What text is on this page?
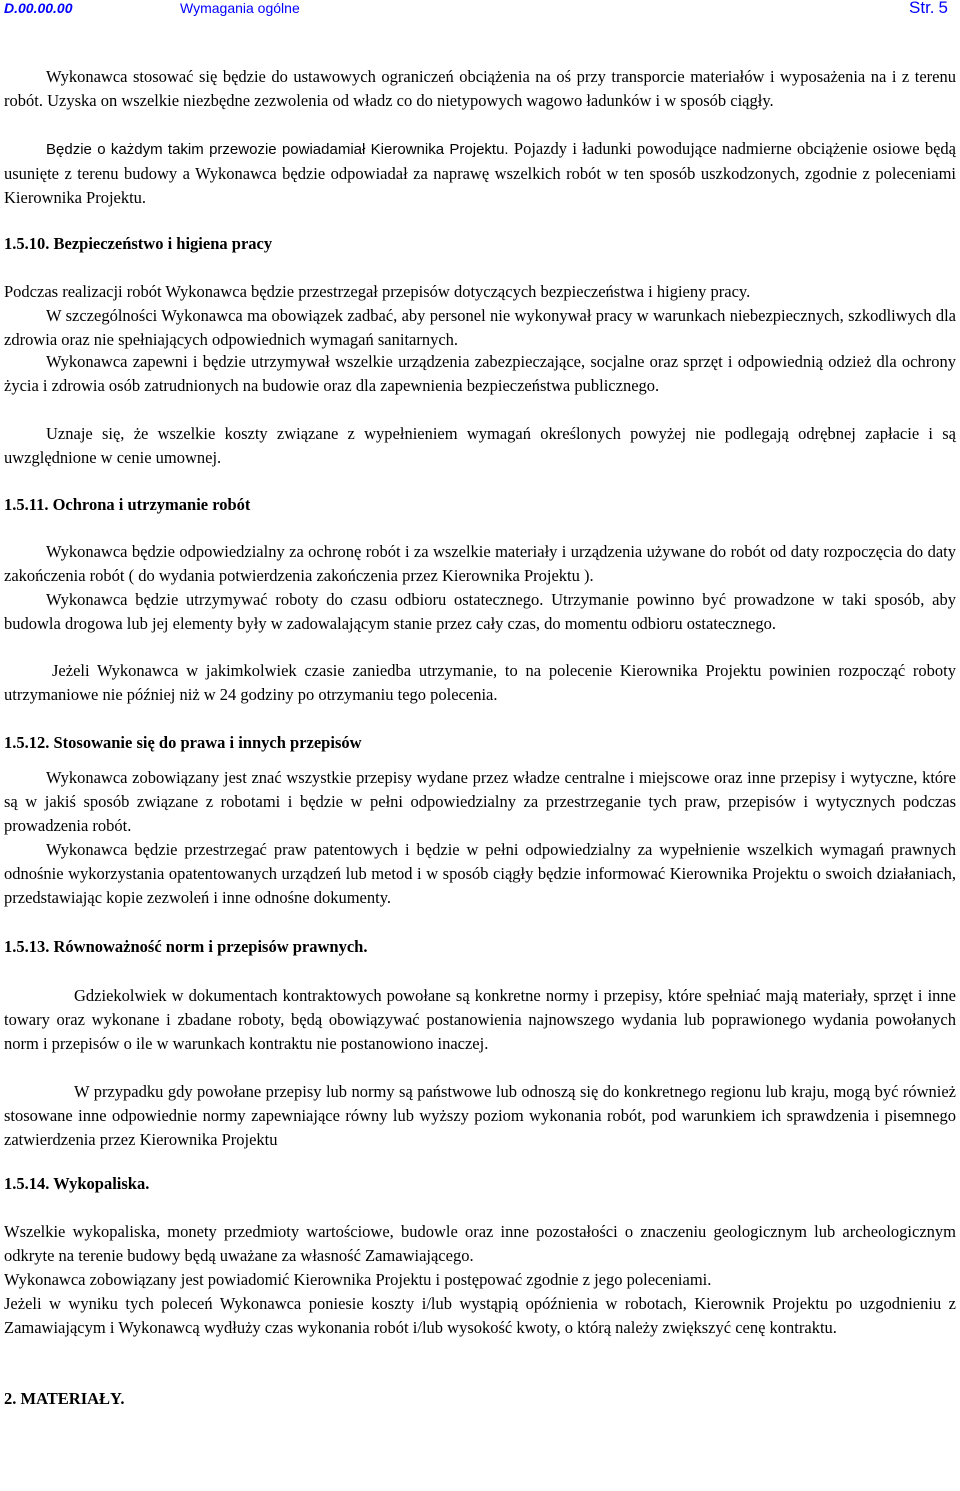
D.00.00.00	Wymagania ogólne	Str. 5

Wykonawca stosować się będzie do ustawowych ograniczeń obciążenia na oś przy transporcie materiałów i wyposażenia na i z terenu robót. Uzyska on wszelkie niezbędne zezwolenia od władz co do nietypowych wagowo ładunków i w sposób ciągły.

Będzie o każdym takim przewozie powiadamiał Kierownika Projektu. Pojazdy i ładunki powodujące nadmierne obciążenie osiowe będą usunięte z terenu budowy a Wykonawca będzie odpowiadał za naprawę wszelkich robót w ten sposób uszkodzonych, zgodnie z poleceniami Kierownika Projektu.

1.5.10. Bezpieczeństwo i higiena pracy

Podczas realizacji robót Wykonawca będzie przestrzegał przepisów dotyczących bezpieczeństwa i higieny pracy.

W szczególności Wykonawca ma obowiązek zadbać, aby personel nie wykonywał pracy w warunkach niebezpiecznych, szkodliwych dla zdrowia oraz nie spełniających odpowiednich wymagań sanitarnych.

Wykonawca zapewni i będzie utrzymywał wszelkie urządzenia zabezpieczające, socjalne oraz sprzęt i odpowiednią odzież dla ochrony życia i zdrowia osób zatrudnionych na budowie oraz dla zapewnienia bezpieczeństwa publicznego.

Uznaje się, że wszelkie koszty związane z wypełnieniem wymagań określonych powyżej nie podlegają odrębnej zapłacie i są uwzględnione w cenie umownej.

1.5.11. Ochrona i utrzymanie robót

Wykonawca będzie odpowiedzialny za ochronę robót i za wszelkie materiały i urządzenia używane do robót od daty rozpoczęcia do daty zakończenia robót ( do wydania potwierdzenia zakończenia przez Kierownika Projektu ).

Wykonawca będzie utrzymywać roboty do czasu odbioru ostatecznego. Utrzymanie powinno być prowadzone w taki sposób, aby budowla drogowa lub jej elementy były w zadowalającym stanie przez cały czas, do momentu odbioru ostatecznego.

Jeżeli Wykonawca w jakimkolwiek czasie zaniedba utrzymanie, to na polecenie Kierownika Projektu powinien rozpocząć roboty utrzymaniowe nie później niż w 24 godziny po otrzymaniu tego polecenia.

1.5.12. Stosowanie się do prawa i innych przepisów

Wykonawca zobowiązany jest znać wszystkie przepisy wydane przez władze centralne i miejscowe oraz inne przepisy i wytyczne, które są w jakiś sposób związane z robotami i będzie w pełni odpowiedzialny za przestrzeganie tych praw, przepisów i wytycznych podczas prowadzenia robót.

Wykonawca będzie przestrzegać praw patentowych i będzie w pełni odpowiedzialny za wypełnienie wszelkich wymagań prawnych odnośnie wykorzystania opatentowanych urządzeń lub metod i w sposób ciągły będzie informować Kierownika Projektu o swoich działaniach, przedstawiając kopie zezwoleń i inne odnośne dokumenty.

1.5.13. Równoważność norm i przepisów prawnych.

Gdziekolwiek w dokumentach kontraktowych powołane są konkretne normy i przepisy, które spełniać mają materiały, sprzęt i inne towary oraz wykonane i zbadane roboty, będą obowiązywać postanowienia najnowszego wydania lub poprawionego wydania powołanych norm i przepisów o ile w warunkach kontraktu nie postanowiono inaczej.

W przypadku gdy powołane przepisy lub normy są państwowe lub odnoszą się do konkretnego regionu lub kraju, mogą być również stosowane inne odpowiednie normy zapewniające równy lub wyższy poziom wykonania robót, pod warunkiem ich sprawdzenia i pisemnego zatwierdzenia przez Kierownika Projektu

1.5.14. Wykopaliska.

Wszelkie wykopaliska, monety przedmioty wartościowe, budowle oraz inne pozostałości o znaczeniu geologicznym lub archeologicznym odkryte na terenie budowy będą uważane za własność Zamawiającego.

Wykonawca zobowiązany jest powiadomić Kierownika Projektu i postępować zgodnie z jego poleceniami.

Jeżeli w wyniku tych poleceń Wykonawca poniesie koszty i/lub wystąpią opóźnienia w robotach, Kierownik Projektu po uzgodnieniu z Zamawiającym i Wykonawcą wydłuży czas wykonania robót i/lub wysokość kwoty, o którą należy zwiększyć cenę kontraktu.

2. MATERIAŁY.
